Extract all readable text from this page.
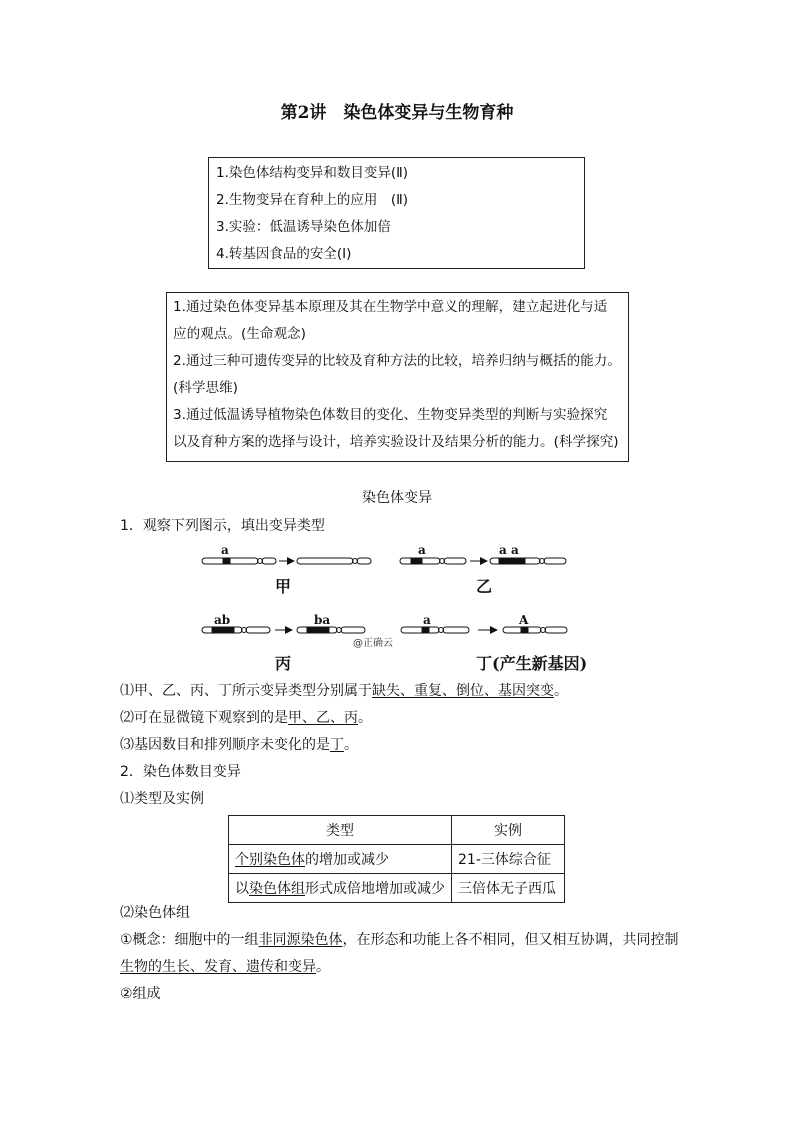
第2讲　染色体变异与生物育种

1.染色体结构变异和数目变异(Ⅱ)

2.生物变异在育种上的应用　(Ⅱ)

3.实验：低温诱导染色体加倍

4.转基因食品的安全(Ⅰ)

1.通过染色体变异基本原理及其在生物学中意义的理解，建立起进化与适

应的观点。(生命观念)

2.通过三种可遗传变异的比较及育种方法的比较，培养归纳与概括的能力。

(科学思维)

3.通过低温诱导植物染色体数目的变化、生物变异类型的判断与实验探究

以及育种方案的选择与设计，培养实验设计及结果分析的能力。(科学探究)

染色体变异
1．观察下列图示，填出变异类型
a	a	a a
ab	ba	a	A
甲	乙
丙	丁(产生新基因)
@正确云
⑴甲、乙、丙、丁所示变异类型分别属于缺失、重复、倒位、基因突变。
⑵可在显微镜下观察到的是甲、乙、丙。
⑶基因数目和排列顺序未变化的是丁。
2．染色体数目变异
⑴类型及实例
类型	实例
个别染色体的增加或减少	21-三体综合征
以染色体组形式成倍地增加或减少	三倍体无子西瓜
⑵染色体组
①概念：细胞中的一组非同源染色体，在形态和功能上各不相同，但又相互协调，共同控制
生物的生长、发育、遗传和变异。
②组成
